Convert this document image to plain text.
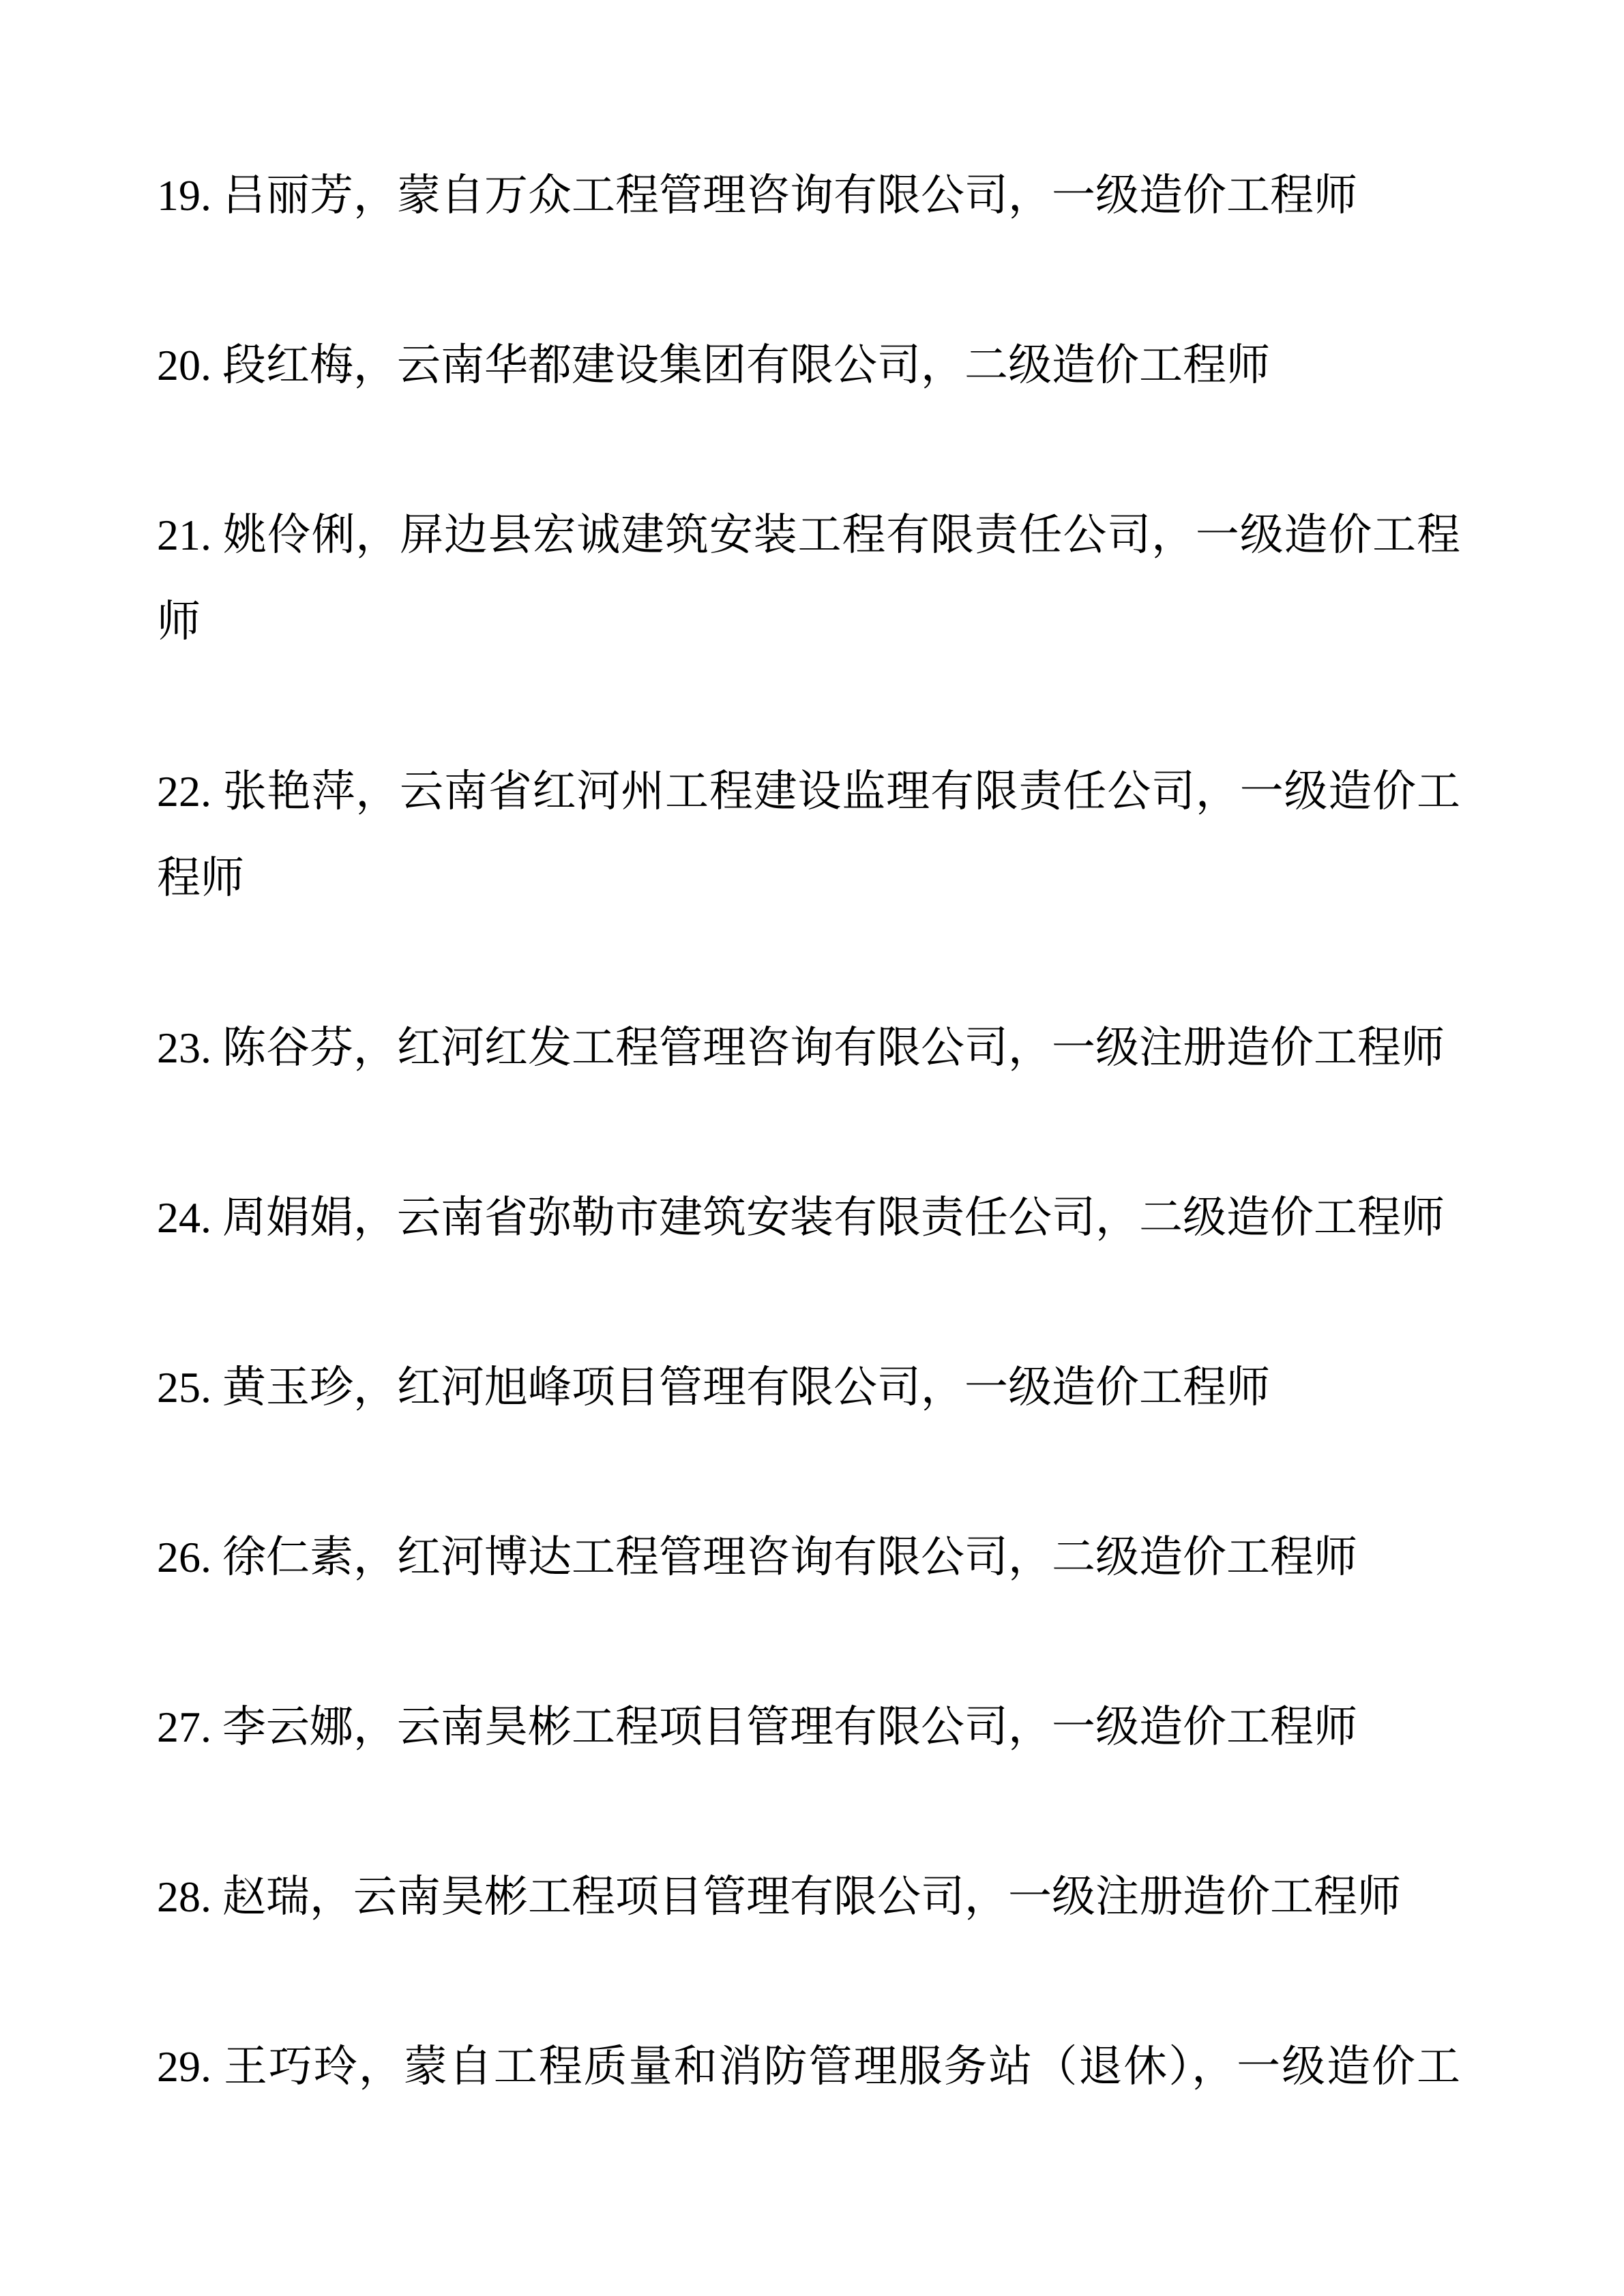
19. 吕丽芳，蒙自万众工程管理咨询有限公司，一级造价工程师

20. 段红梅，云南华都建设集团有限公司，二级造价工程师

21. 姚伶俐，屏边县宏诚建筑安装工程有限责任公司，一级造价工程师

22. 张艳萍，云南省红河州工程建设监理有限责任公司，一级造价工程师

23. 陈谷芬，红河红发工程管理咨询有限公司，一级注册造价工程师

24. 周娟娟，云南省弥勒市建筑安装有限责任公司，二级造价工程师

25. 黄玉珍，红河旭峰项目管理有限公司，一级造价工程师

26. 徐仁素，红河博达工程管理咨询有限公司，二级造价工程师

27. 李云娜，云南昊彬工程项目管理有限公司，一级造价工程师

28. 赵瑞，云南昊彬工程项目管理有限公司，一级注册造价工程师

29. 王巧玲，蒙自工程质量和消防管理服务站（退休），一级造价工
